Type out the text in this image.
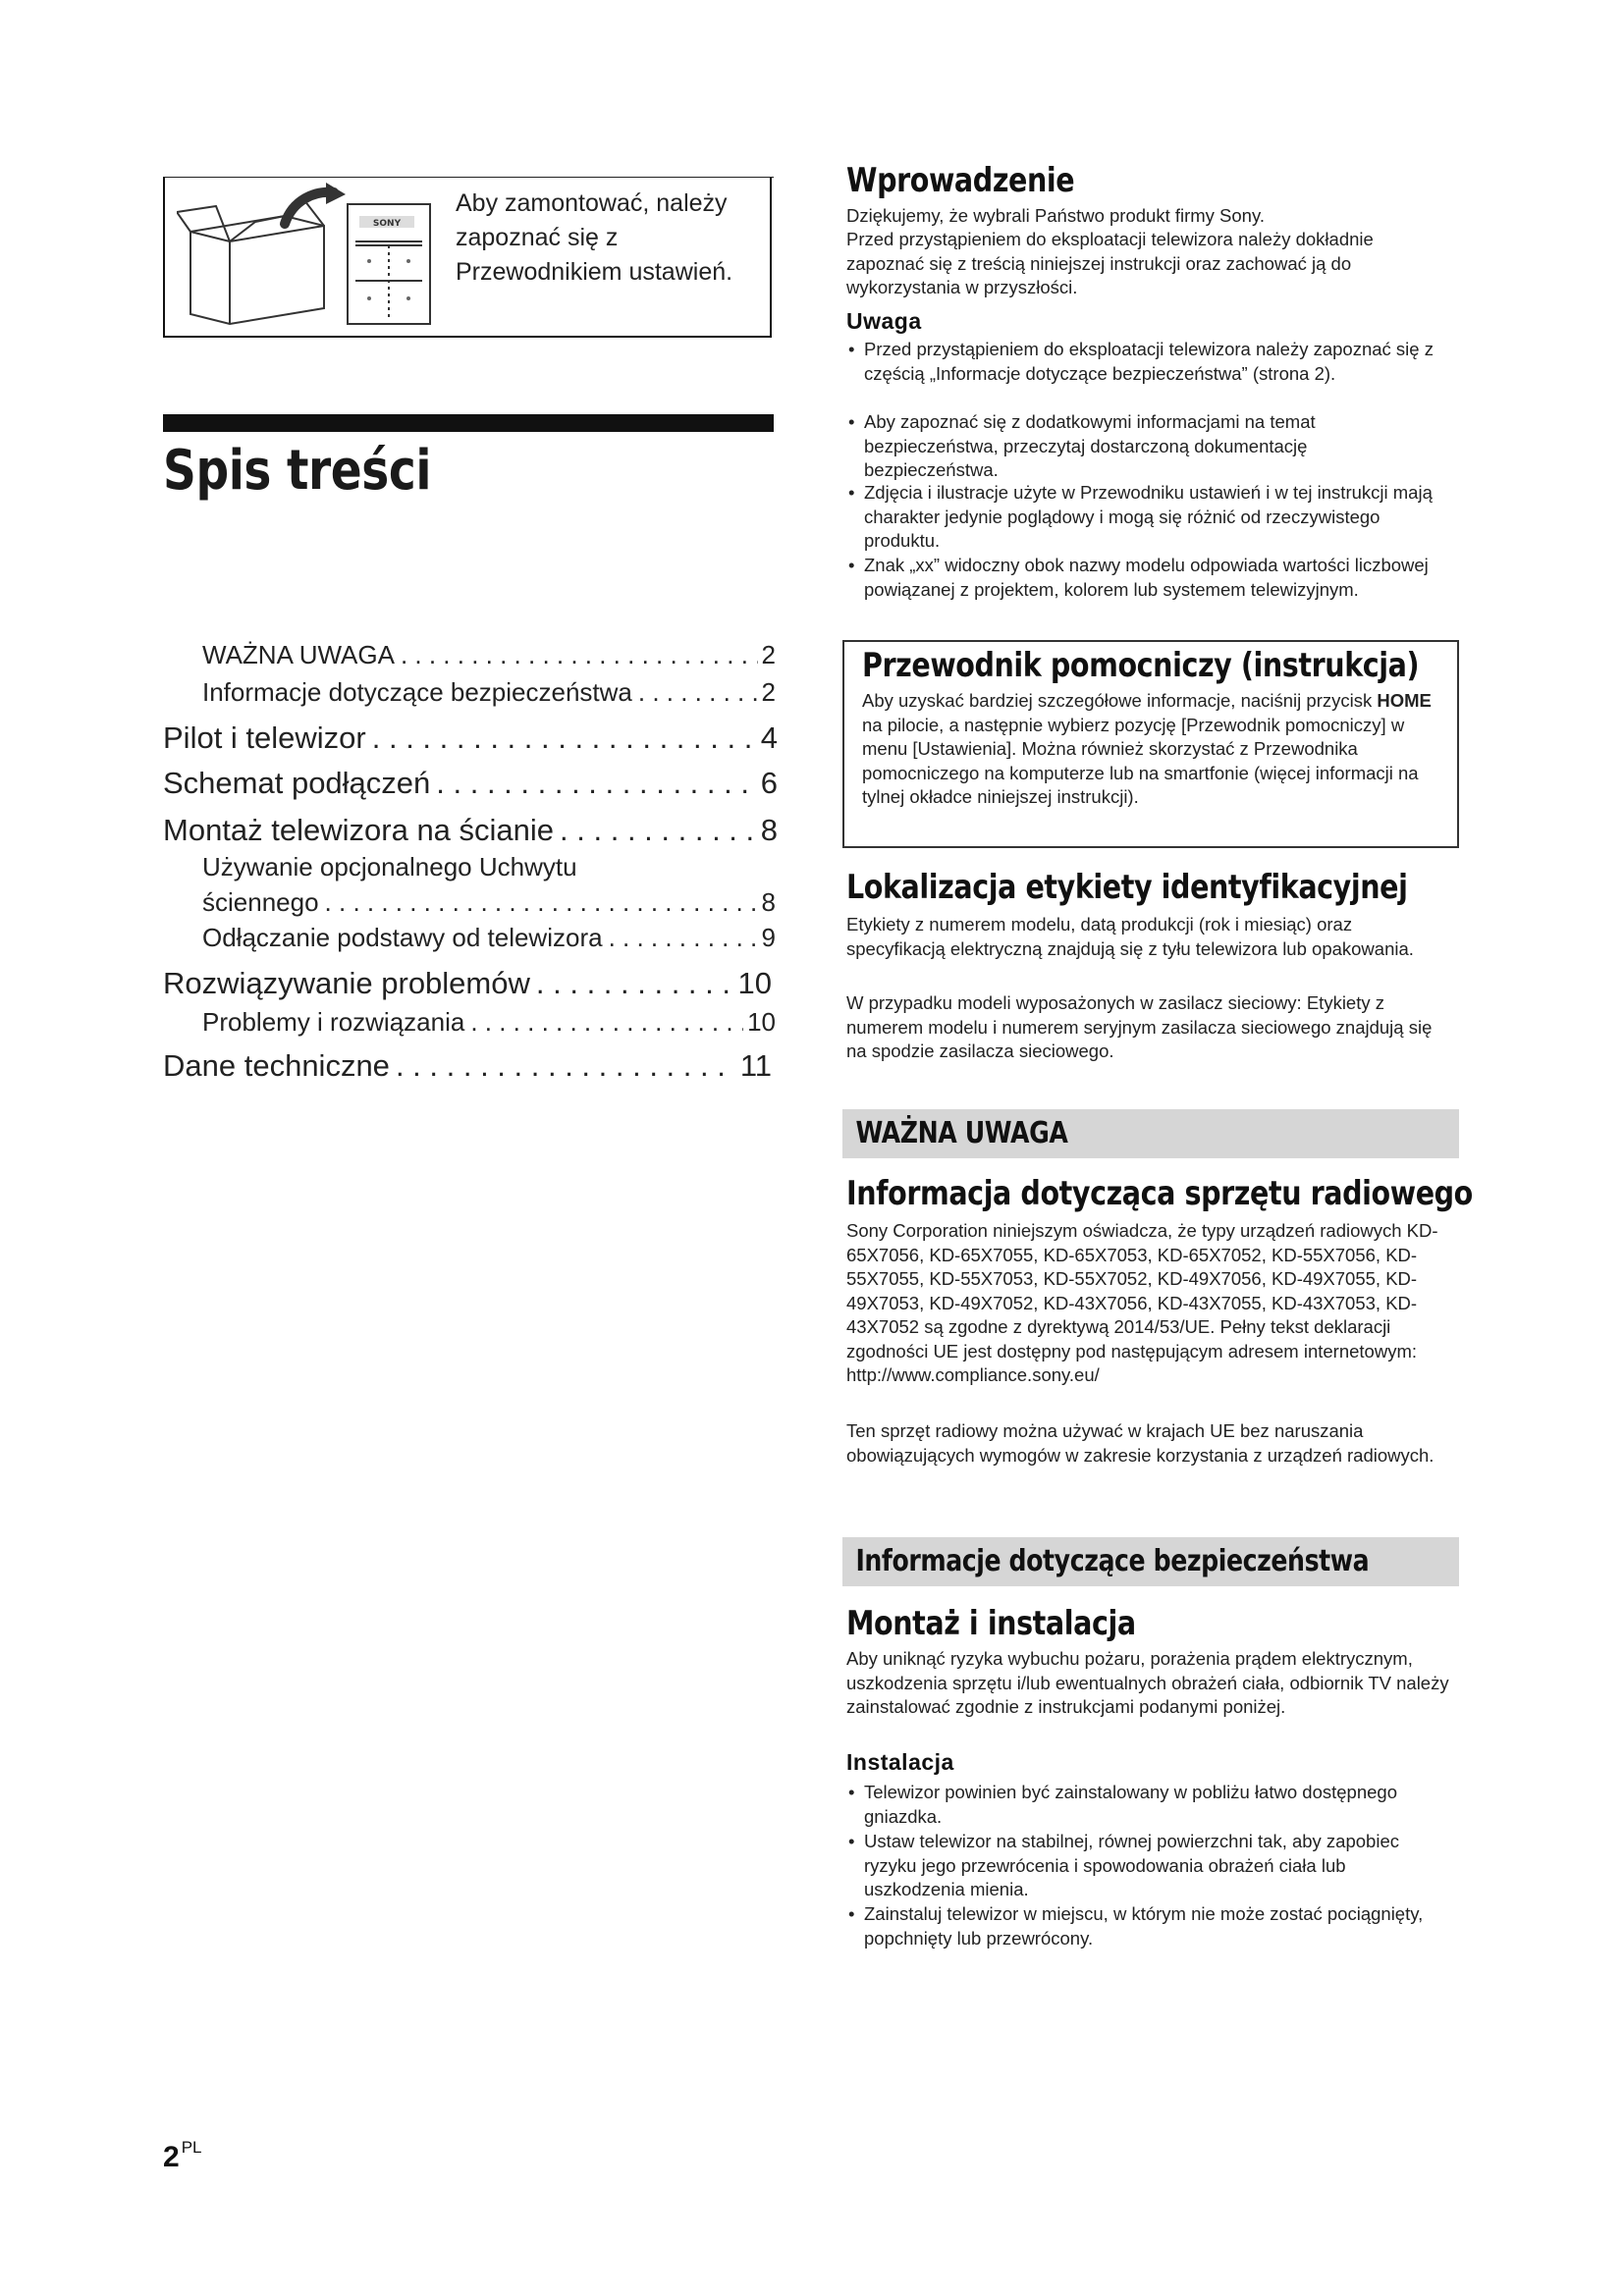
SONY
Aby zamontować, należy zapoznać się z Przewodnikiem ustawień.
Spis treści
WAŻNA UWAGA . . .	2
Informacje dotyczące bezpieczeństwa . . .	2
Pilot i telewizor . . .	4
Schemat podłączeń . . .	6
Montaż telewizora na ścianie . . .	8
Używanie opcjonalnego Uchwytu
ściennego . . .	8
Odłączanie podstawy od telewizora . . .	9
Rozwiązywanie problemów . . .	10
Problemy i rozwiązania . . .	10
Dane techniczne . . .	11
Wprowadzenie
Dziękujemy, że wybrali Państwo produkt firmy Sony.
Przed przystąpieniem do eksploatacji telewizora należy dokładnie zapoznać się z treścią niniejszej instrukcji oraz zachować ją do wykorzystania w przyszłości.
Uwaga
• Przed przystąpieniem do eksploatacji telewizora należy zapoznać się z częścią „Informacje dotyczące bezpieczeństwa” (strona 2).
• Aby zapoznać się z dodatkowymi informacjami na temat bezpieczeństwa, przeczytaj dostarczoną dokumentację bezpieczeństwa.
• Zdjęcia i ilustracje użyte w Przewodniku ustawień i w tej instrukcji mają charakter jedynie poglądowy i mogą się różnić od rzeczywistego produktu.
• Znak „xx” widoczny obok nazwy modelu odpowiada wartości liczbowej powiązanej z projektem, kolorem lub systemem telewizyjnym.
Przewodnik pomocniczy (instrukcja)
Aby uzyskać bardziej szczegółowe informacje, naciśnij przycisk HOME na pilocie, a następnie wybierz pozycję [Przewodnik pomocniczy] w menu [Ustawienia]. Można również skorzystać z Przewodnika pomocniczego na komputerze lub na smartfonie (więcej informacji na tylnej okładce niniejszej instrukcji).
Lokalizacja etykiety identyfikacyjnej
Etykiety z numerem modelu, datą produkcji (rok i miesiąc) oraz specyfikacją elektryczną znajdują się z tyłu telewizora lub opakowania.
W przypadku modeli wyposażonych w zasilacz sieciowy: Etykiety z numerem modelu i numerem seryjnym zasilacza sieciowego znajdują się na spodzie zasilacza sieciowego.
WAŻNA UWAGA
Informacja dotycząca sprzętu radiowego
Sony Corporation niniejszym oświadcza, że typy urządzeń radiowych KD-65X7056, KD-65X7055, KD-65X7053, KD-65X7052, KD-55X7056, KD-55X7055, KD-55X7053, KD-55X7052, KD-49X7056, KD-49X7055, KD-49X7053, KD-49X7052, KD-43X7056, KD-43X7055, KD-43X7053, KD-43X7052 są zgodne z dyrektywą 2014/53/UE. Pełny tekst deklaracji zgodności UE jest dostępny pod następującym adresem internetowym: http://www.compliance.sony.eu/
Ten sprzęt radiowy można używać w krajach UE bez naruszania obowiązujących wymogów w zakresie korzystania z urządzeń radiowych.
Informacje dotyczące bezpieczeństwa
Montaż i instalacja
Aby uniknąć ryzyka wybuchu pożaru, porażenia prądem elektrycznym, uszkodzenia sprzętu i/lub ewentualnych obrażeń ciała, odbiornik TV należy zainstalować zgodnie z instrukcjami podanymi poniżej.
Instalacja
• Telewizor powinien być zainstalowany w pobliżu łatwo dostępnego gniazdka.
• Ustaw telewizor na stabilnej, równej powierzchni tak, aby zapobiec ryzyku jego przewrócenia i spowodowania obrażeń ciała lub uszkodzenia mienia.
• Zainstaluj telewizor w miejscu, w którym nie może zostać pociągnięty, popchnięty lub przewrócony.
2 $^{PL}$
